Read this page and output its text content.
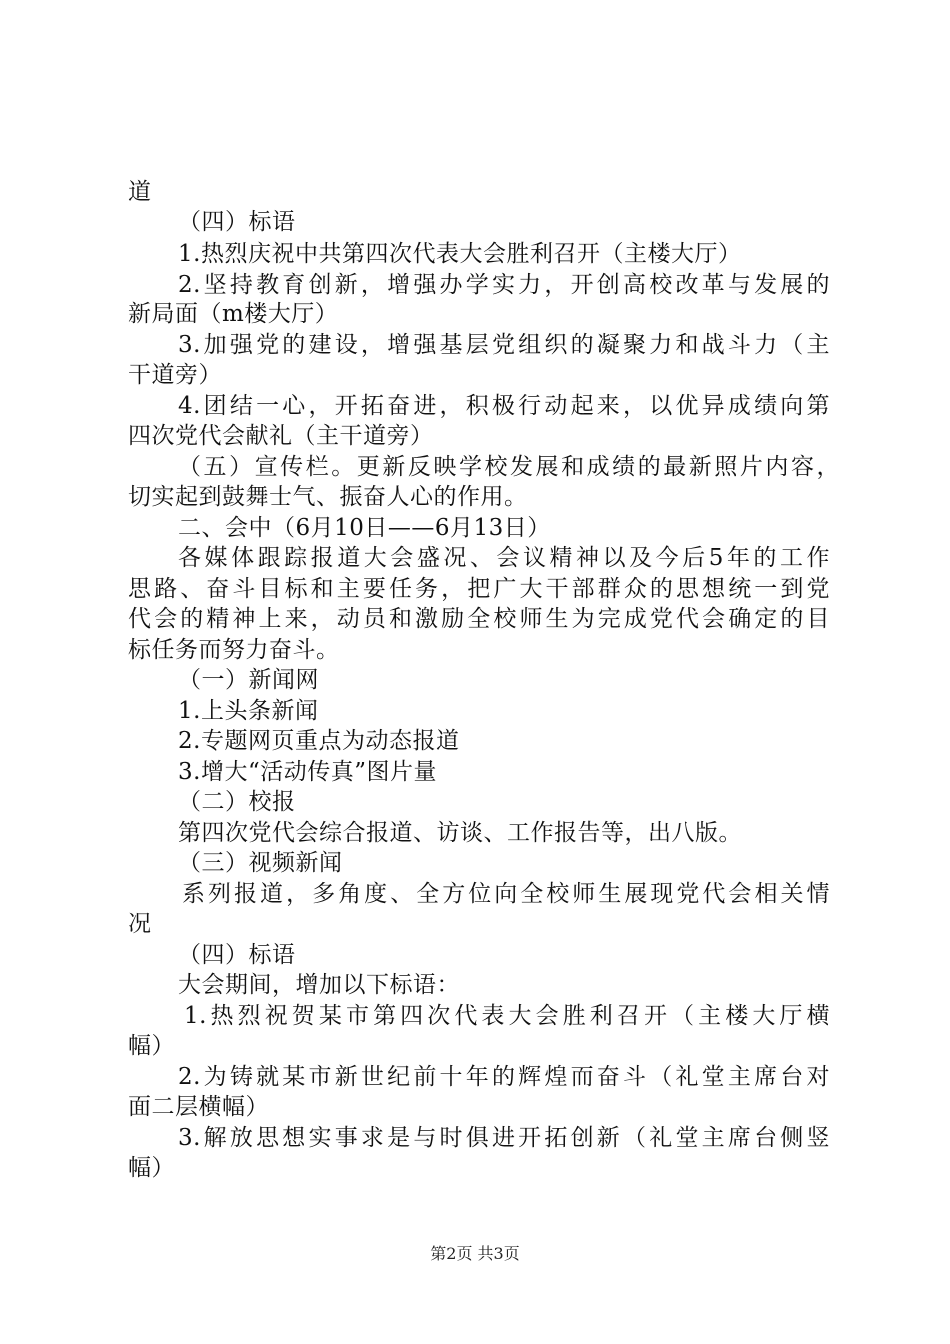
道
（四）标语
1.热烈庆祝中共第四次代表大会胜利召开（主楼大厅）
2.坚持教育创新，增强办学实力，开创高校改革与发展的
新局面（m楼大厅）
3.加强党的建设，增强基层党组织的凝聚力和战斗力（主
干道旁）
4.团结一心，开拓奋进，积极行动起来，以优异成绩向第
四次党代会献礼（主干道旁）
（五）宣传栏。更新反映学校发展和成绩的最新照片内容，
切实起到鼓舞士气、振奋人心的作用。
二、会中（6月10日——6月13日）
各媒体跟踪报道大会盛况、会议精神以及今后5年的工作
思路、奋斗目标和主要任务，把广大干部群众的思想统一到党
代会的精神上来，动员和激励全校师生为完成党代会确定的目
标任务而努力奋斗。
（一）新闻网
1.上头条新闻
2.专题网页重点为动态报道
3.增大“活动传真”图片量
（二）校报
第四次党代会综合报道、访谈、工作报告等，出八版。
（三）视频新闻
系列报道，多角度、全方位向全校师生展现党代会相关情
况
（四）标语
大会期间，增加以下标语：
1.热烈祝贺某市第四次代表大会胜利召开（主楼大厅横
幅）
2.为铸就某市新世纪前十年的辉煌而奋斗（礼堂主席台对
面二层横幅）
3.解放思想实事求是与时俱进开拓创新（礼堂主席台侧竖
幅）
第2页 共3页
